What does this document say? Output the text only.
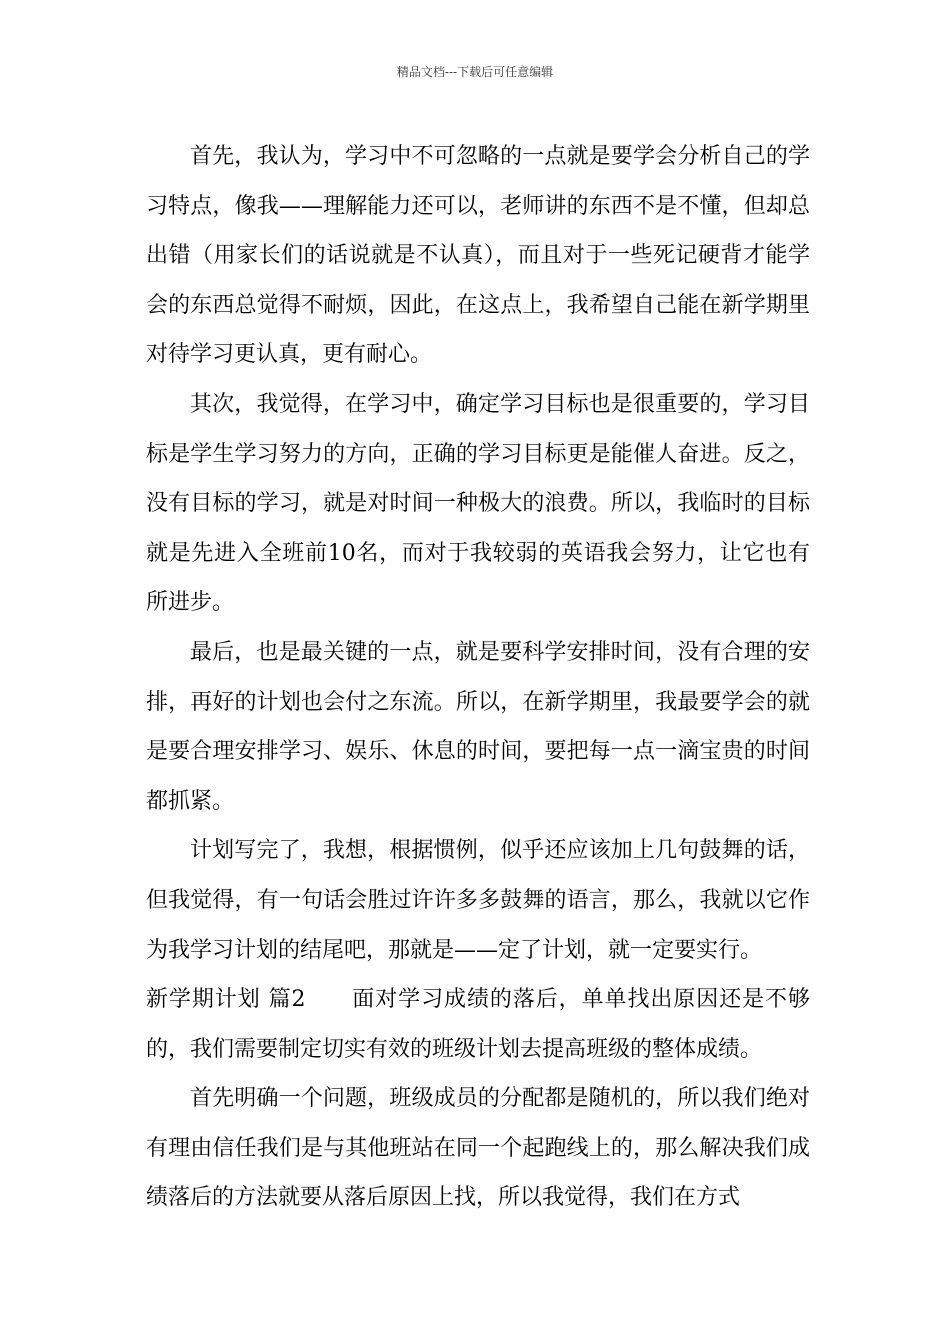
精品文档---下载后可任意编辑

首先，我认为，学习中不可忽略的一点就是要学会分析自己的学习特点，像我——理解能力还可以，老师讲的东西不是不懂，但却总出错（用家长们的话说就是不认真），而且对于一些死记硬背才能学会的东西总觉得不耐烦，因此，在这点上，我希望自己能在新学期里对待学习更认真，更有耐心。

其次，我觉得，在学习中，确定学习目标也是很重要的，学习目标是学生学习努力的方向，正确的学习目标更是能催人奋进。反之，没有目标的学习，就是对时间一种极大的浪费。所以，我临时的目标就是先进入全班前10名，而对于我较弱的英语我会努力，让它也有所进步。

最后，也是最关键的一点，就是要科学安排时间，没有合理的安排，再好的计划也会付之东流。所以，在新学期里，我最要学会的就是要合理安排学习、娱乐、休息的时间，要把每一点一滴宝贵的时间都抓紧。

计划写完了，我想，根据惯例，似乎还应该加上几句鼓舞的话，但我觉得，有一句话会胜过许许多多鼓舞的语言，那么，我就以它作为我学习计划的结尾吧，那就是——定了计划，就一定要实行。

新学期计划 篇2　　面对学习成绩的落后，单单找出原因还是不够的，我们需要制定切实有效的班级计划去提高班级的整体成绩。

首先明确一个问题，班级成员的分配都是随机的，所以我们绝对有理由信任我们是与其他班站在同一个起跑线上的，那么解决我们成绩落后的方法就要从落后原因上找，所以我觉得，我们在方式
